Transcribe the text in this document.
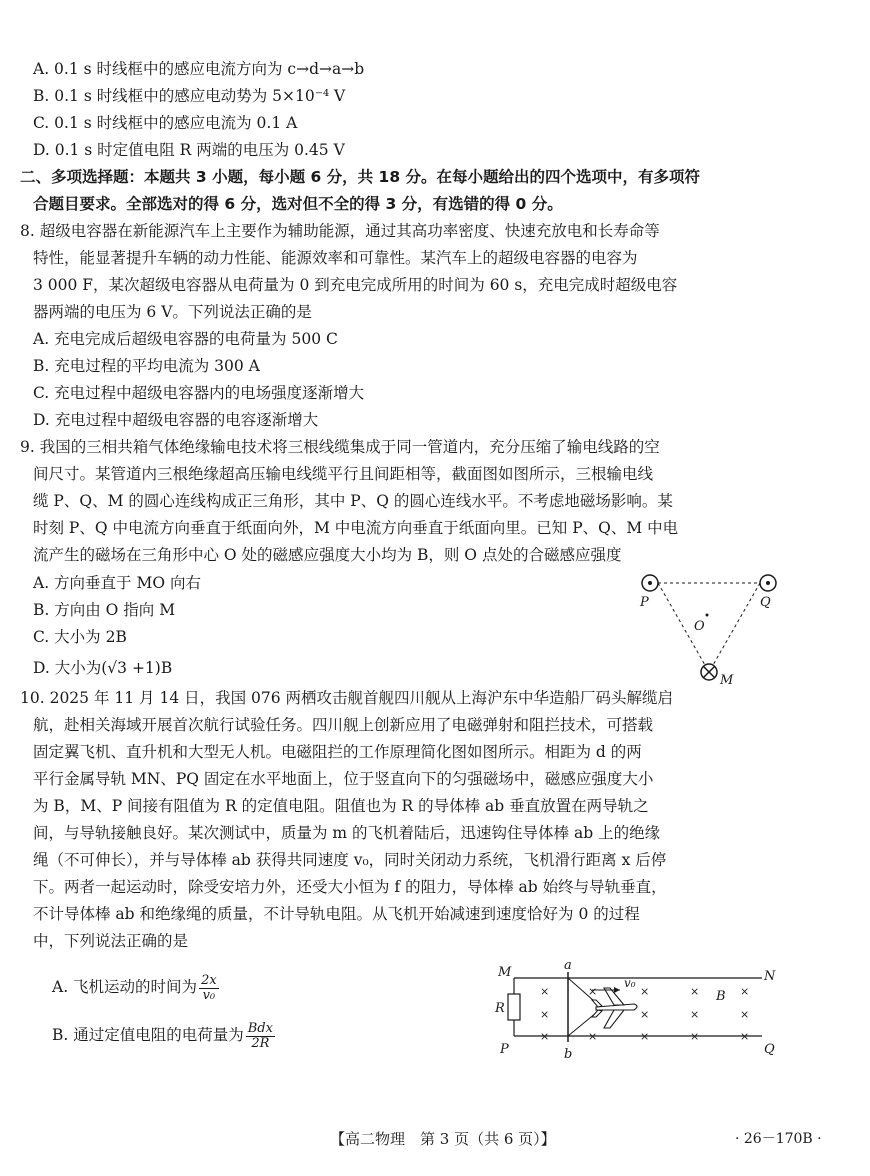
A. 0.1 s 时线框中的感应电流方向为 c→d→a→b
B. 0.1 s 时线框中的感应电动势为 5×10⁻⁴ V
C. 0.1 s 时线框中的感应电流为 0.1 A
D. 0.1 s 时定值电阻 R 两端的电压为 0.45 V
二、多项选择题：本题共 3 小题，每小题 6 分，共 18 分。在每小题给出的四个选项中，有多项符
合题目要求。全部选对的得 6 分，选对但不全的得 3 分，有选错的得 0 分。
8. 超级电容器在新能源汽车上主要作为辅助能源，通过其高功率密度、快速充放电和长寿命等
特性，能显著提升车辆的动力性能、能源效率和可靠性。某汽车上的超级电容器的电容为
3 000 F，某次超级电容器从电荷量为 0 到充电完成所用的时间为 60 s，充电完成时超级电容
器两端的电压为 6 V。下列说法正确的是
A. 充电完成后超级电容器的电荷量为 500 C
B. 充电过程的平均电流为 300 A
C. 充电过程中超级电容器内的电场强度逐渐增大
D. 充电过程中超级电容器的电容逐渐增大
9. 我国的三相共箱气体绝缘输电技术将三根线缆集成于同一管道内，充分压缩了输电线路的空
间尺寸。某管道内三根绝缘超高压输电线缆平行且间距相等，截面图如图所示，三根输电线
缆 P、Q、M 的圆心连线构成正三角形，其中 P、Q 的圆心连线水平。不考虑地磁场影响。某
时刻 P、Q 中电流方向垂直于纸面向外，M 中电流方向垂直于纸面向里。已知 P、Q、M 中电
流产生的磁场在三角形中心 O 处的磁感应强度大小均为 B，则 O 点处的合磁感应强度
A. 方向垂直于 MO 向右
B. 方向由 O 指向 M
C. 大小为 2B
D. 大小为(√3 +1)B
P	Q
O
M
10. 2025 年 11 月 14 日，我国 076 两栖攻击舰首舰四川舰从上海沪东中华造船厂码头解缆启
航，赴相关海域开展首次航行试验任务。四川舰上创新应用了电磁弹射和阻拦技术，可搭载
固定翼飞机、直升机和大型无人机。电磁阻拦的工作原理简化图如图所示。相距为 d 的两
平行金属导轨 MN、PQ 固定在水平地面上，位于竖直向下的匀强磁场中，磁感应强度大小
为 B，M、P 间接有阻值为 R 的定值电阻。阻值也为 R 的导体棒 ab 垂直放置在两导轨之
间，与导轨接触良好。某次测试中，质量为 m 的飞机着陆后，迅速钩住导体棒 ab 上的绝缘
绳（不可伸长），并与导体棒 ab 获得共同速度 v₀，同时关闭动力系统，飞机滑行距离 x 后停
下。两者一起运动时，除受安培力外，还受大小恒为 f 的阻力，导体棒 ab 始终与导轨垂直，
不计导体棒 ab 和绝缘绳的质量，不计导轨电阻。从飞机开始减速到速度恰好为 0 的过程
中，下列说法正确的是
A. 飞机运动的时间为 $\frac{2x}{\text{v₀}}$
B. 通过定值电阻的电荷量为 $\frac{\text{Bdx}}{2R}$
×
×
×
×
×
×
×
×
×
×
×
×
×
×
M	a
N
R
v₀
B
P	b	Q
【高二物理　第 3 页（共 6 页）】	· 26－170B ·
